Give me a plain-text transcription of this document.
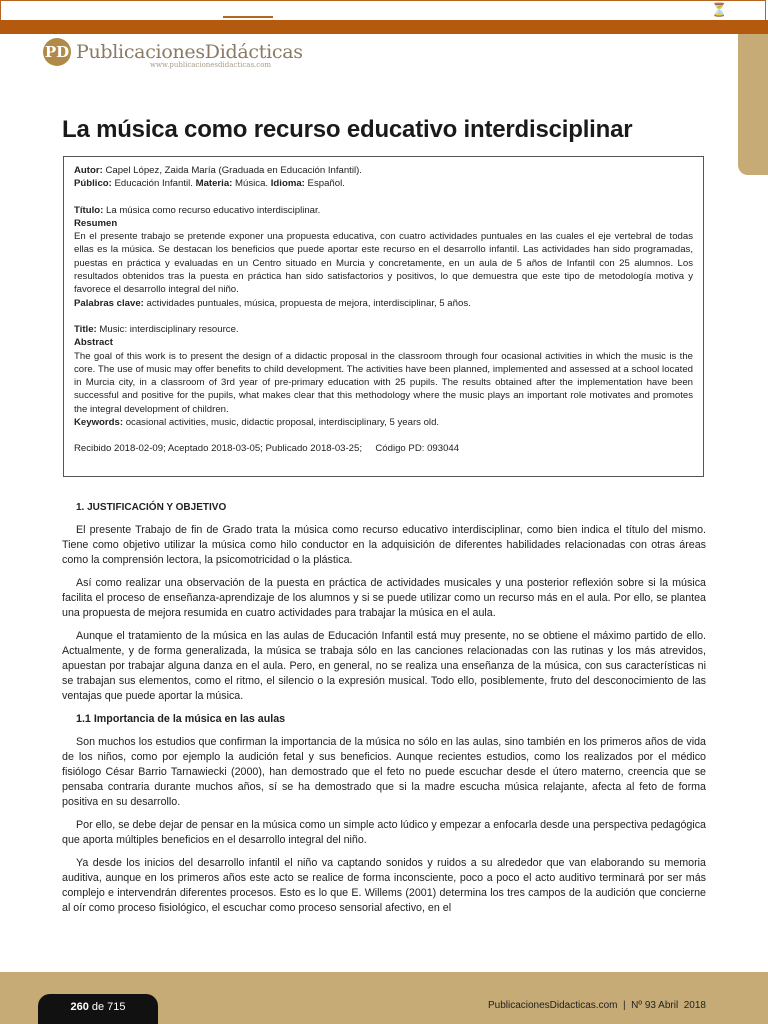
⏳
PD PublicacionesDidácticas
www.publicacionesdidacticas.com
La música como recurso educativo interdisciplinar

Autor: Capel López, Zaida María (Graduada en Educación Infantil).

Público: Educación Infantil. Materia: Música. Idioma: Español.

Título: La música como recurso educativo interdisciplinar.

Resumen

En el presente trabajo se pretende exponer una propuesta educativa, con cuatro actividades puntuales en las cuales el eje vertebral de todas ellas es la música. Se destacan los beneficios que puede aportar este recurso en el desarrollo infantil. Las actividades han sido programadas, puestas en práctica y evaluadas en un Centro situado en Murcia y concretamente, en un aula de 5 años de Infantil con 25 alumnos. Los resultados obtenidos tras la puesta en práctica han sido satisfactorios y positivos, lo que demuestra que este tipo de metodología motiva y favorece el desarrollo integral del niño.

Palabras clave: actividades puntuales, música, propuesta de mejora, interdisciplinar, 5 años.

Title: Music: interdisciplinary resource.

Abstract

The goal of this work is to present the design of a didactic proposal in the classroom through four ocasional activities in which the music is the core. The use of music may offer benefits to child development. The activities have been planned, implemented and assessed at a school located in Murcia city, in a classroom of 3rd year of pre-primary education with 25 pupils. The results obtained after the implementation have been successful and positive for the pupils, what makes clear that this methodology where the music plays an important role motivates and promotes the integral development of children.

Keywords: ocasional activities, music, didactic proposal, interdisciplinary, 5 years old.

Recibido 2018-02-09; Aceptado 2018-03-05; Publicado 2018-03-25;     Código PD: 093044

1. JUSTIFICACIÓN Y OBJETIVO

El presente Trabajo de fin de Grado trata la música como recurso educativo interdisciplinar, como bien indica el título del mismo. Tiene como objetivo utilizar la música como hilo conductor en la adquisición de diferentes habilidades relacionadas con otras áreas como la comprensión lectora, la psicomotricidad o la plástica.

Así como realizar una observación de la puesta en práctica de actividades musicales y una posterior reflexión sobre si la música facilita el proceso de enseñanza-aprendizaje de los alumnos y si se puede utilizar como un recurso más en el aula. Por ello, se plantea una propuesta de mejora resumida en cuatro actividades para trabajar la música en el aula.

Aunque el tratamiento de la música en las aulas de Educación Infantil está muy presente, no se obtiene el máximo partido de ello. Actualmente, y de forma generalizada, la música se trabaja sólo en las canciones relacionadas con las rutinas y los más atrevidos, apuestan por trabajar alguna danza en el aula. Pero, en general, no se realiza una enseñanza de la música, con sus características ni se trabajan sus elementos, como el ritmo, el silencio o la expresión musical. Todo ello, posiblemente, fruto del desconocimiento de las ventajas que puede aportar la música.

1.1 Importancia de la música en las aulas

Son muchos los estudios que confirman la importancia de la música no sólo en las aulas, sino también en los primeros años de vida de los niños, como por ejemplo la audición fetal y sus beneficios. Aunque recientes estudios, como los realizados por el médico fisiólogo César Barrio Tarnawiecki (2000), han demostrado que el feto no puede escuchar desde el útero materno, creencia que se pensaba contraria durante muchos años, sí se ha demostrado que si la madre escucha música relajante, afecta al feto de forma positiva en su desarrollo.

Por ello, se debe dejar de pensar en la música como un simple acto lúdico y empezar a enfocarla desde una perspectiva pedagógica que aporta múltiples beneficios en el desarrollo integral del niño.

Ya desde los inicios del desarrollo infantil el niño va captando sonidos y ruidos a su alrededor que van elaborando su memoria auditiva, aunque en los primeros años este acto se realice de forma inconsciente, poco a poco el acto auditivo terminará por ser más complejo e intervendrán diferentes procesos. Esto es lo que E. Willems (2001) determina los tres campos de la audición que concierne al oír como proceso fisiológico, el escuchar como proceso sensorial afectivo, en el

260 de 715	PublicacionesDidacticas.com  |  Nº 93 Abril  2018
